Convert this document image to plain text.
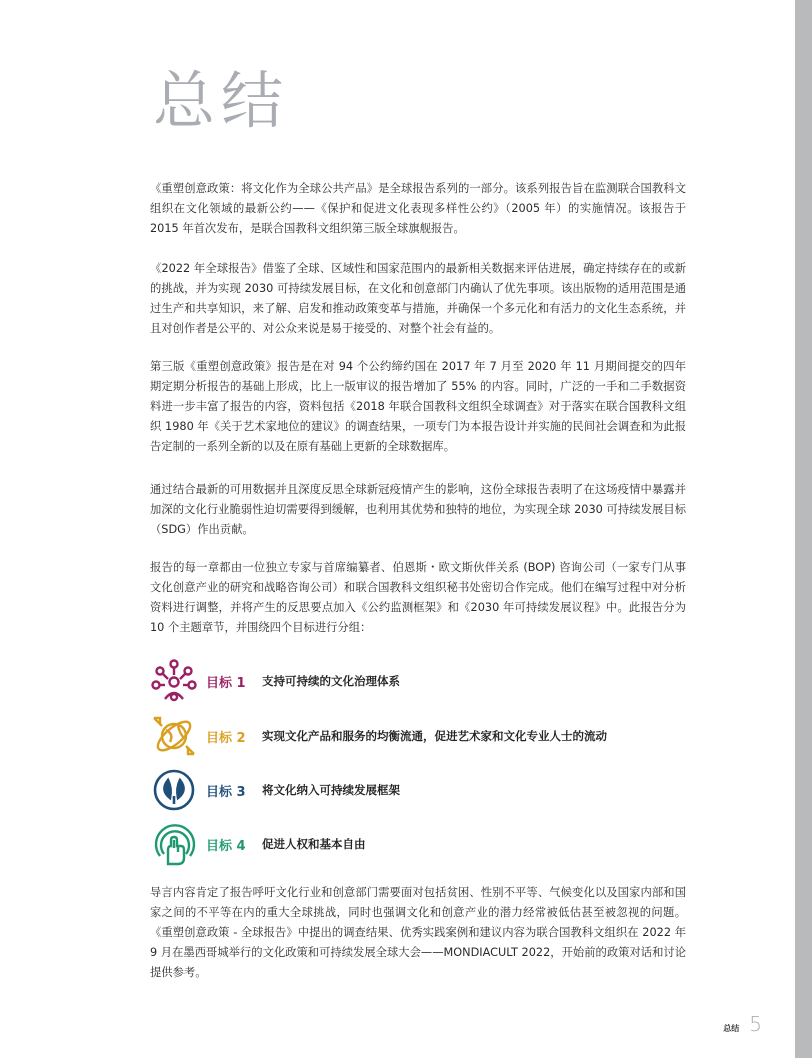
总结

《重塑创意政策：将文化作为全球公共产品》是全球报告系列的一部分。该系列报告旨在监测联合国教科文组织在文化领域的最新公约——《保护和促进文化表现多样性公约》（2005 年）的实施情况。该报告于 2015 年首次发布，是联合国教科文组织第三版全球旗舰报告。

《2022 年全球报告》借鉴了全球、区域性和国家范围内的最新相关数据来评估进展，确定持续存在的或新的挑战，并为实现 2030 可持续发展目标，在文化和创意部门内确认了优先事项。该出版物的适用范围是通过生产和共享知识，来了解、启发和推动政策变革与措施，并确保一个多元化和有活力的文化生态系统，并且对创作者是公平的、对公众来说是易于接受的、对整个社会有益的。

第三版《重塑创意政策》报告是在对 94 个公约缔约国在 2017 年 7 月至 2020 年 11 月期间提交的四年期定期分析报告的基础上形成，比上一版审议的报告增加了 55% 的内容。同时，广泛的一手和二手数据资料进一步丰富了报告的内容，资料包括《2018 年联合国教科文组织全球调查》对于落实在联合国教科文组织 1980 年《关于艺术家地位的建议》的调查结果，一项专门为本报告设计并实施的民间社会调查和为此报告定制的一系列全新的以及在原有基础上更新的全球数据库。

通过结合最新的可用数据并且深度反思全球新冠疫情产生的影响，这份全球报告表明了在这场疫情中暴露并加深的文化行业脆弱性迫切需要得到缓解，也利用其优势和独特的地位，为实现全球 2030 可持续发展目标（SDG）作出贡献。

报告的每一章都由一位独立专家与首席编纂者、伯恩斯・欧文斯伙伴关系 (BOP) 咨询公司（一家专门从事文化创意产业的研究和战略咨询公司）和联合国教科文组织秘书处密切合作完成。他们在编写过程中对分析资料进行调整，并将产生的反思要点加入《公约监测框架》和《2030 年可持续发展议程》中。此报告分为 10 个主题章节，并围绕四个目标进行分组：

目标 1	支持可持续的文化治理体系
目标 2	实现文化产品和服务的均衡流通，促进艺术家和文化专业人士的流动
目标 3	将文化纳入可持续发展框架
目标 4	促进人权和基本自由

导言内容肯定了报告呼吁文化行业和创意部门需要面对包括贫困、性别不平等、气候变化以及国家内部和国家之间的不平等在内的重大全球挑战，同时也强调文化和创意产业的潜力经常被低估甚至被忽视的问题。《重塑创意政策 - 全球报告》中提出的调查结果、优秀实践案例和建议内容为联合国教科文组织在 2022 年 9 月在墨西哥城举行的文化政策和可持续发展全球大会——MONDIACULT 2022，开始前的政策对话和讨论提供参考。

总结 5
